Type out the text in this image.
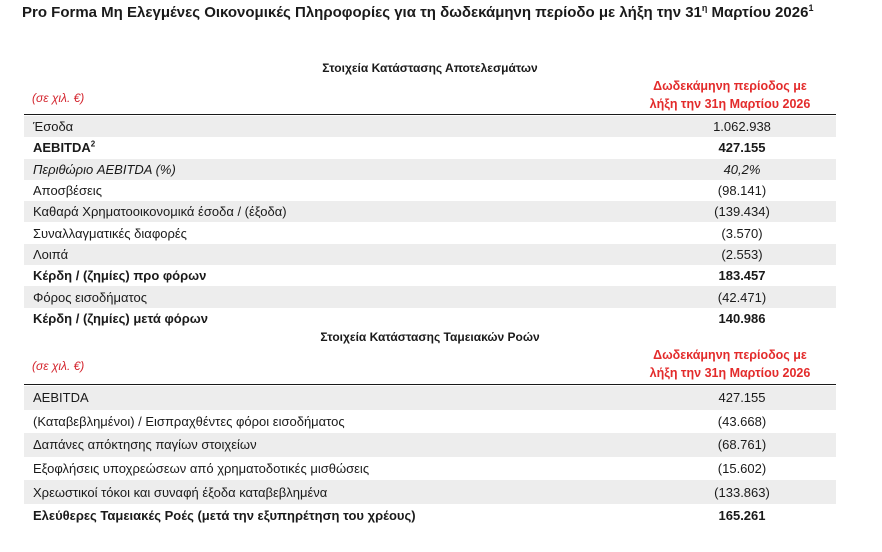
Pro Forma Μη Ελεγμένες Οικονομικές Πληροφορίες για τη δωδεκάμηνη περίοδο με λήξη την $31^\eta$ Μαρτίου 2026$^1$
Στοιχεία Κατάστασης Αποτελεσμάτων
(σε χιλ. €)
Δωδεκάμηνη περίοδος με
λήξη την 31η Μαρτίου 2026
Έσοδα	1.062.938
AEBITDA$^2$	427.155
Περιθώριο AEBITDA (%)	40,2%
Αποσβέσεις	(98.141)
Καθαρά Χρηματοοικονομικά έσοδα / (έξοδα)	(139.434)
Συναλλαγματικές διαφορές	(3.570)
Λοιπά	(2.553)
Κέρδη / (ζημίες) προ φόρων	183.457
Φόρος εισοδήματος	(42.471)
Κέρδη / (ζημίες) μετά φόρων	140.986
Στοιχεία Κατάστασης Ταμειακών Ροών
(σε χιλ. €)
Δωδεκάμηνη περίοδος με
λήξη την 31η Μαρτίου 2026
AEBITDA	427.155
(Καταβεβλημένοι) / Εισπραχθέντες φόροι εισοδήματος	(43.668)
Δαπάνες απόκτησης παγίων στοιχείων	(68.761)
Εξοφλήσεις υποχρεώσεων από χρηματοδοτικές μισθώσεις	(15.602)
Χρεωστικοί τόκοι και συναφή έξοδα καταβεβλημένα	(133.863)
Ελεύθερες Ταμειακές Ροές (μετά την εξυπηρέτηση του χρέους)	165.261
